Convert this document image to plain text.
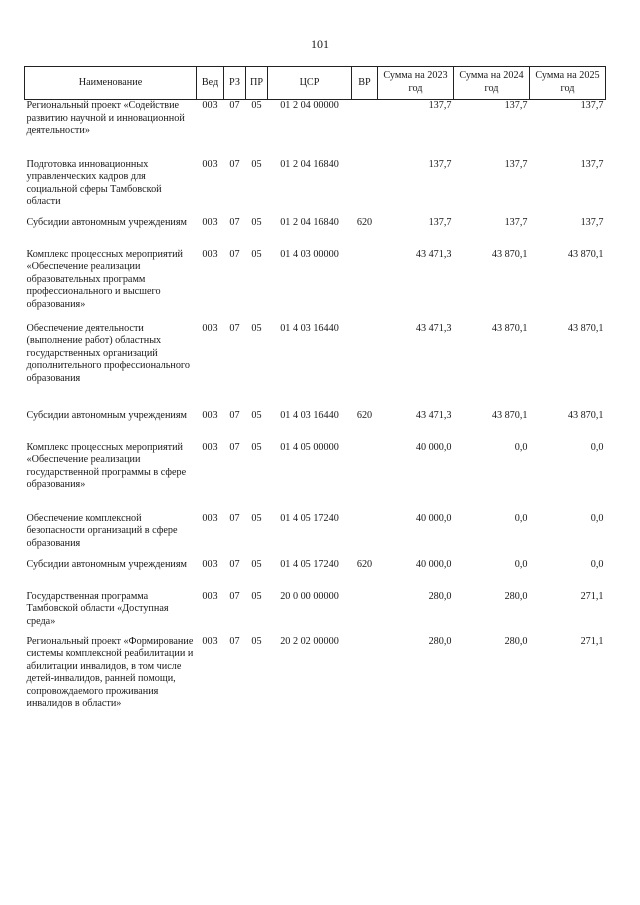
101
Наименование	Вед	РЗ	ПР	ЦСР	ВР	Сумма на 2023 год	Сумма на 2024 год	Сумма на 2025 год
Региональный проект «Содействие развитию научной и инновационной деятельности»	003	07	05	01 2 04 00000		137,7	137,7	137,7
Подготовка инновационных управленческих кадров для социальной сферы Тамбовской области	003	07	05	01 2 04 16840		137,7	137,7	137,7
Субсидии автономным учреждениям	003	07	05	01 2 04 16840	620	137,7	137,7	137,7
Комплекс процессных мероприятий «Обеспечение реализации образовательных программ профессионального и высшего образования»	003	07	05	01 4 03 00000		43 471,3	43 870,1	43 870,1
Обеспечение деятельности (выполнение работ) областных государственных организаций дополнительного профессионального образования	003	07	05	01 4 03 16440		43 471,3	43 870,1	43 870,1
Субсидии автономным учреждениям	003	07	05	01 4 03 16440	620	43 471,3	43 870,1	43 870,1
Комплекс процессных мероприятий «Обеспечение реализации государственной программы в сфере образования»	003	07	05	01 4 05 00000		40 000,0	0,0	0,0
Обеспечение комплексной безопасности организаций в сфере образования	003	07	05	01 4 05 17240		40 000,0	0,0	0,0
Субсидии автономным учреждениям	003	07	05	01 4 05 17240	620	40 000,0	0,0	0,0
Государственная программа Тамбовской области «Доступная среда»	003	07	05	20 0 00 00000		280,0	280,0	271,1
Региональный проект «Формирование системы комплексной реабилитации и абилитации инвалидов, в том числе детей-инвалидов, ранней помощи, сопровождаемого проживания инвалидов в области»	003	07	05	20 2 02 00000		280,0	280,0	271,1
